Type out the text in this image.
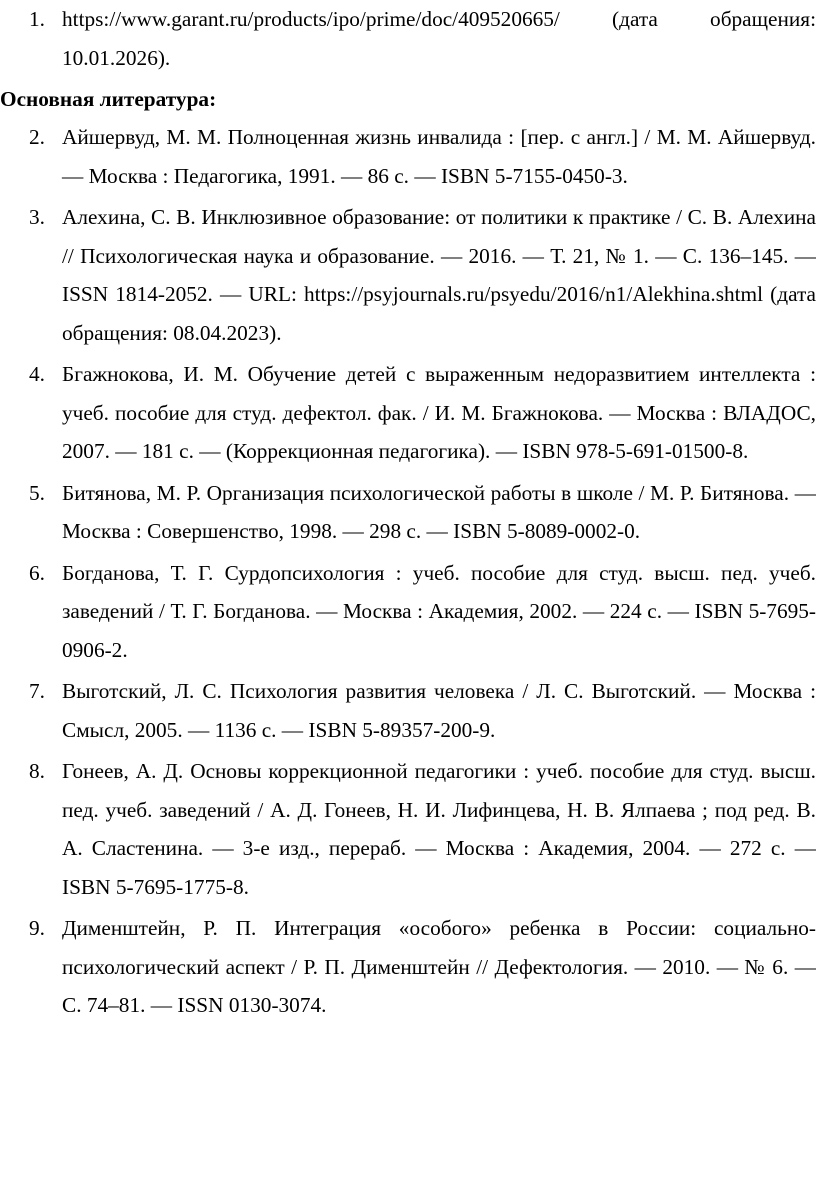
1. https://www.garant.ru/products/ipo/prime/doc/409520665/ (дата обращения: 10.01.2026).
Основная литература:
2. Айшервуд, М. М. Полноценная жизнь инвалида : [пер. с англ.] / М. М. Айшервуд. — Москва : Педагогика, 1991. — 86 с. — ISBN 5-7155-0450-3.
3. Алехина, С. В. Инклюзивное образование: от политики к практике / С. В. Алехина // Психологическая наука и образование. — 2016. — Т. 21, № 1. — С. 136–145. — ISSN 1814-2052. — URL: https://psyjournals.ru/psyedu/2016/n1/Alekhina.shtml (дата обращения: 08.04.2023).
4. Бгажнокова, И. М. Обучение детей с выраженным недоразвитием интеллекта : учеб. пособие для студ. дефектол. фак. / И. М. Бгажнокова. — Москва : ВЛАДОС, 2007. — 181 с. — (Коррекционная педагогика). — ISBN 978-5-691-01500-8.
5. Битянова, М. Р. Организация психологической работы в школе / М. Р. Битянова. — Москва : Совершенство, 1998. — 298 с. — ISBN 5-8089-0002-0.
6. Богданова, Т. Г. Сурдопсихология : учеб. пособие для студ. высш. пед. учеб. заведений / Т. Г. Богданова. — Москва : Академия, 2002. — 224 с. — ISBN 5-7695-0906-2.
7. Выготский, Л. С. Психология развития человека / Л. С. Выготский. — Москва : Смысл, 2005. — 1136 с. — ISBN 5-89357-200-9.
8. Гонеев, А. Д. Основы коррекционной педагогики : учеб. пособие для студ. высш. пед. учеб. заведений / А. Д. Гонеев, Н. И. Лифинцева, Н. В. Ялпаева ; под ред. В. А. Сластенина. — 3-е изд., перераб. — Москва : Академия, 2004. — 272 с. — ISBN 5-7695-1775-8.
9. Дименштейн, Р. П. Интеграция «особого» ребенка в России: социально-психологический аспект / Р. П. Дименштейн // Дефектология. — 2010. — № 6. — С. 74–81. — ISSN 0130-3074.
